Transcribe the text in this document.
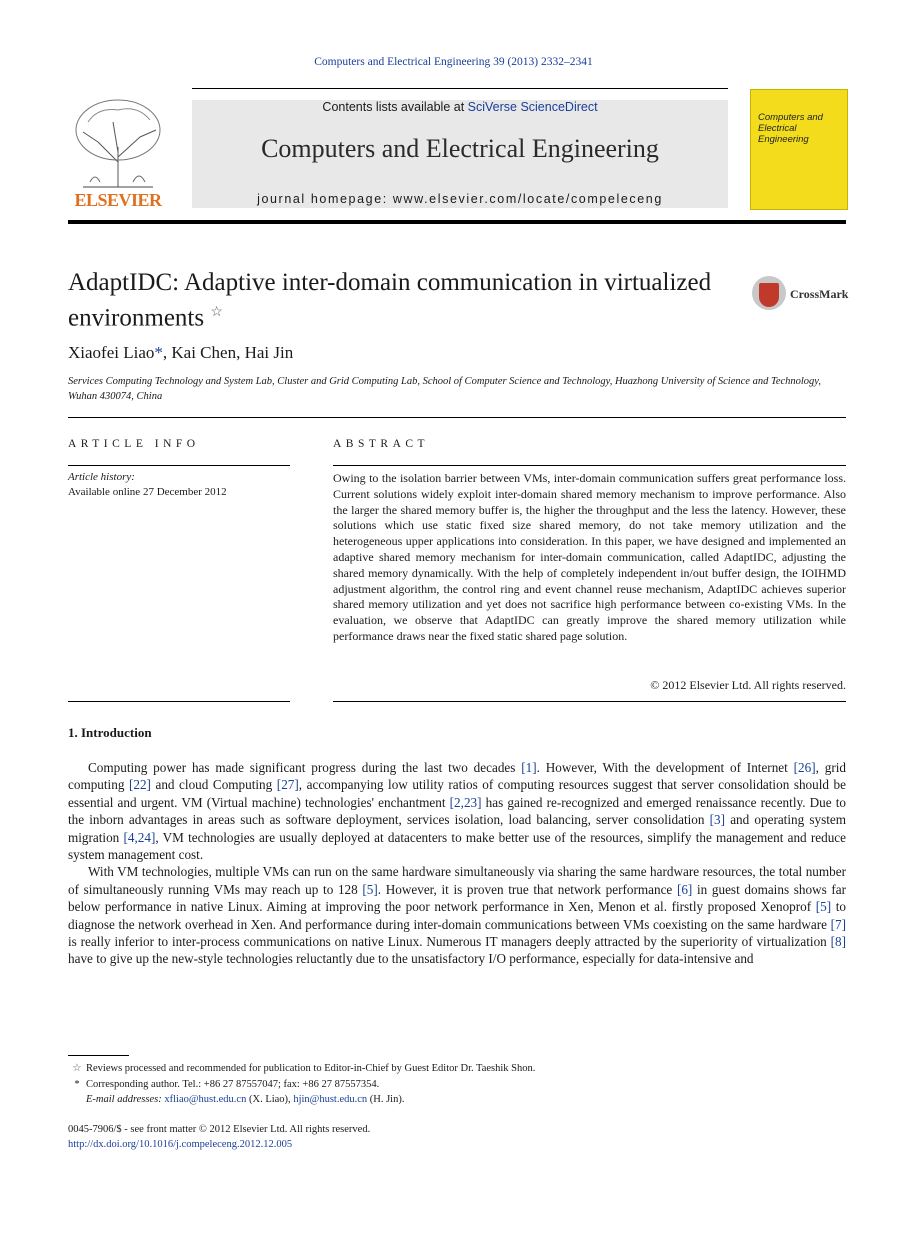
Computers and Electrical Engineering 39 (2013) 2332–2341
ELSEVIER
Contents lists available at SciVerse ScienceDirect
Computers and Electrical Engineering
journal homepage: www.elsevier.com/locate/compeleceng
Computers and Electrical Engineering
AdaptIDC: Adaptive inter-domain communication in virtualized environments ☆
CrossMark
Xiaofei Liao*, Kai Chen, Hai Jin
Services Computing Technology and System Lab, Cluster and Grid Computing Lab, School of Computer Science and Technology, Huazhong University of Science and Technology, Wuhan 430074, China
ARTICLE INFO
Article history:
Available online 27 December 2012
ABSTRACT
Owing to the isolation barrier between VMs, inter-domain communication suffers great performance loss. Current solutions widely exploit inter-domain shared memory mechanism to improve performance. Also the larger the shared memory buffer is, the higher the throughput and the less the latency. However, these solutions which use static fixed size shared memory, do not take memory utilization and the heterogeneous upper applications into consideration. In this paper, we have designed and implemented an adaptive shared memory mechanism for inter-domain communication, called AdaptIDC, adjusting the shared memory dynamically. With the help of completely independent in/out buffer design, the IOIHMD adjustment algorithm, the control ring and event channel reuse mechanism, AdaptIDC achieves superior shared memory utilization and yet does not sacrifice high performance between co-existing VMs. In the evaluation, we observe that AdaptIDC can greatly improve the shared memory utilization while performance draws near the fixed static shared page solution.
© 2012 Elsevier Ltd. All rights reserved.
1. Introduction

Computing power has made significant progress during the last two decades [1]. However, With the development of Internet [26], grid computing [22] and cloud Computing [27], accompanying low utility ratios of computing resources suggest that server consolidation should be essential and urgent. VM (Virtual machine) technologies' enchantment [2,23] has gained re-recognized and emerged renaissance recently. Due to the inborn advantages in areas such as software deployment, services isolation, load balancing, server consolidation [3] and operating system migration [4,24], VM technologies are usually deployed at datacenters to make better use of the resources, simplify the management and reduce system management cost.

With VM technologies, multiple VMs can run on the same hardware simultaneously via sharing the same hardware resources, the total number of simultaneously running VMs may reach up to 128 [5]. However, it is proven true that network performance [6] in guest domains shows far below performance in native Linux. Aiming at improving the poor network performance in Xen, Menon et al. firstly proposed Xenoprof [5] to diagnose the network overhead in Xen. And performance during inter-domain communications between VMs coexisting on the same hardware [7] is really inferior to inter-process communications on native Linux. Numerous IT managers deeply attracted by the superiority of virtualization [8] have to give up the new-style technologies reluctantly due to the unsatisfactory I/O performance, especially for data-intensive and

☆ Reviews processed and recommended for publication to Editor-in-Chief by Guest Editor Dr. Taeshik Shon.
* Corresponding author. Tel.: +86 27 87557047; fax: +86 27 87557354.
E-mail addresses: xfliao@hust.edu.cn (X. Liao), hjin@hust.edu.cn (H. Jin).
0045-7906/$ - see front matter © 2012 Elsevier Ltd. All rights reserved.
http://dx.doi.org/10.1016/j.compeleceng.2012.12.005
